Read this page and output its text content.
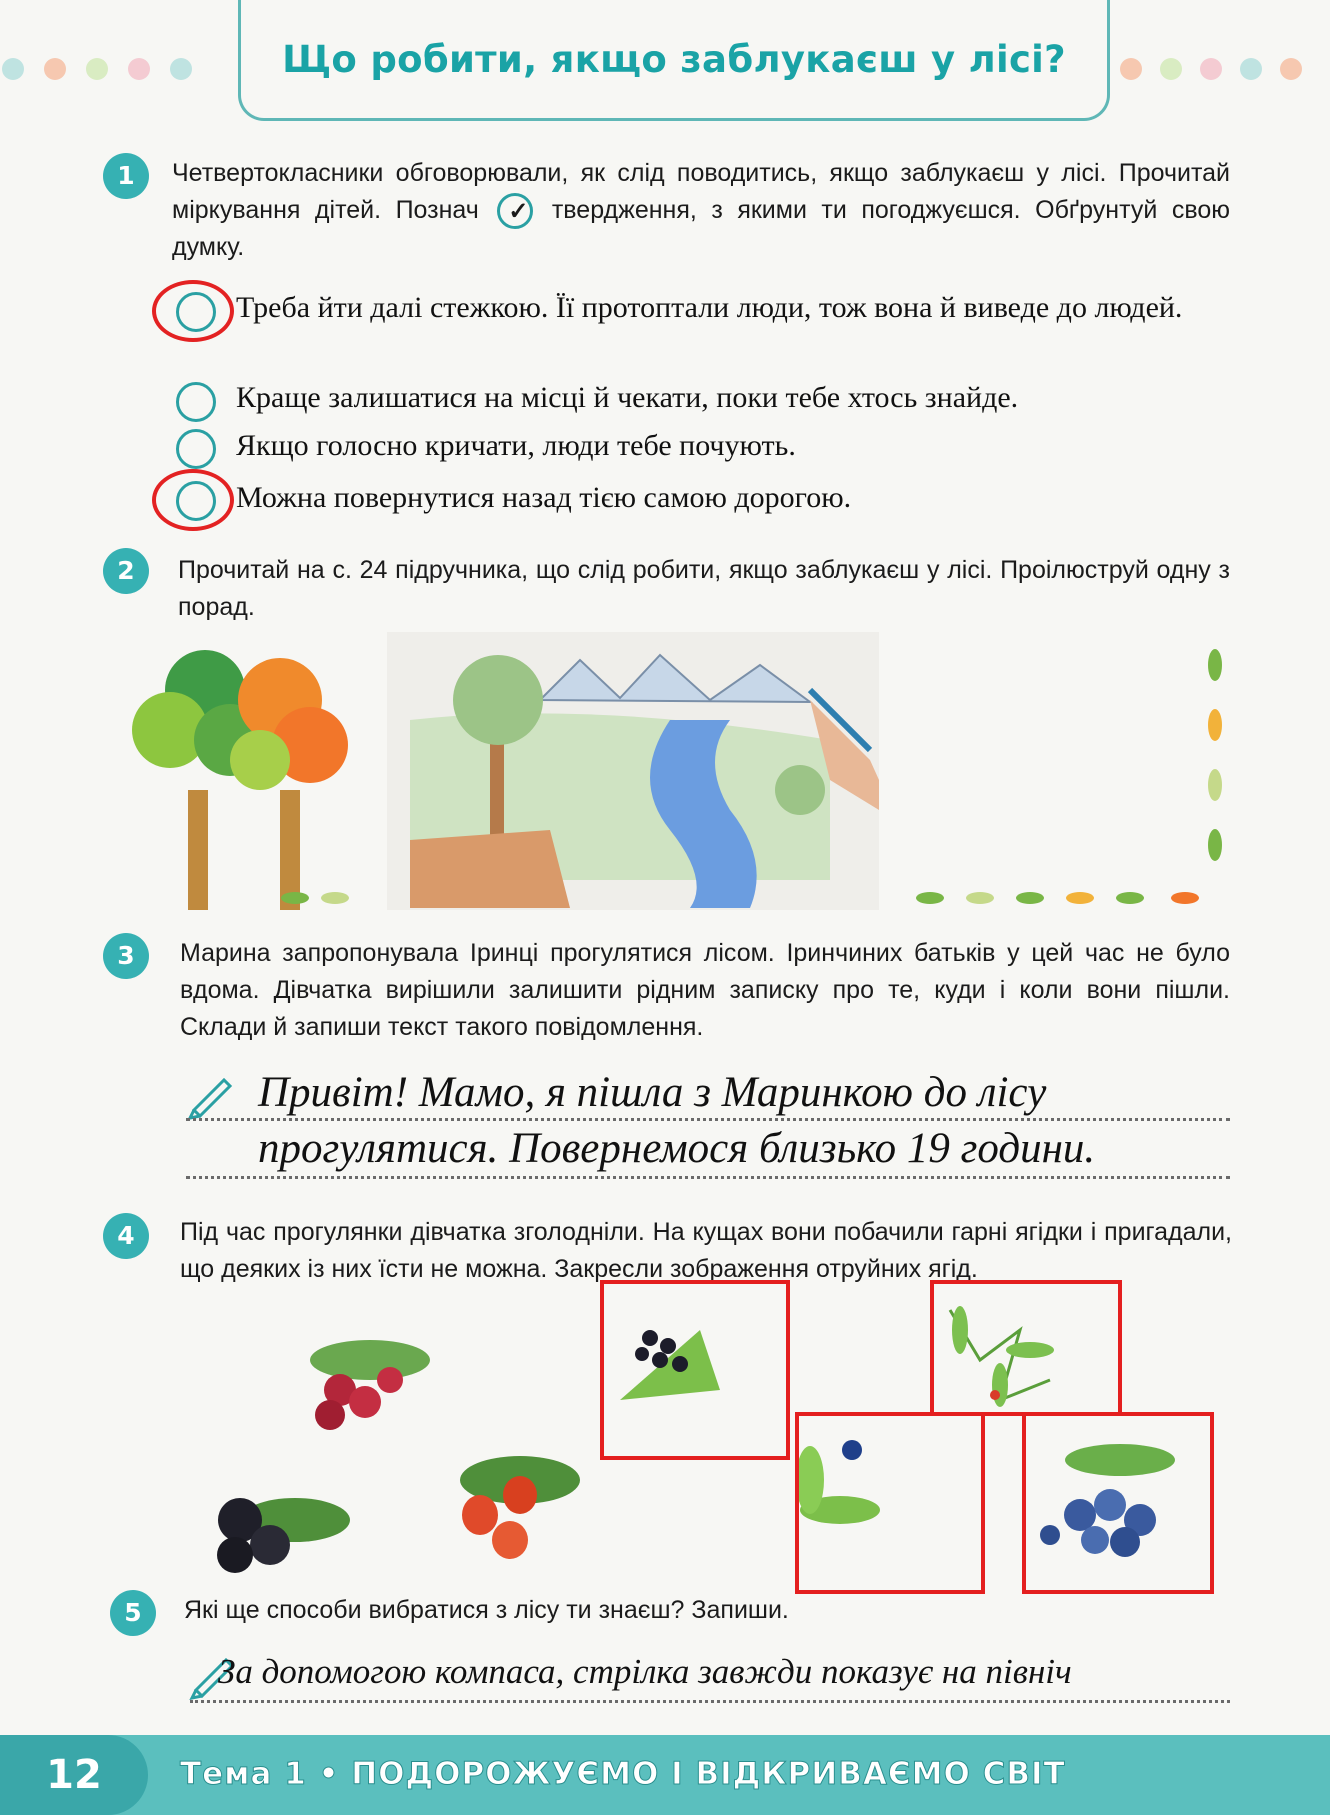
Що робити, якщо заблукаєш у лісі?
1	Четвертокласники обговорювали, як слід поводитись, якщо заблукаєш у лісі. Прочитай міркування дітей. Познач ✓ твердження, з якими ти погоджуєшся. Обґрунтуй свою думку.
Треба йти далі стежкою. Її протоптали люди, тож вона й виведе до людей.
Краще залишатися на місці й чекати, поки тебе хтось знайде.
Якщо голосно кричати, люди тебе почують.
Можна повернутися назад тією самою дорогою.
2	Прочитай на с. 24 підручника, що слід робити, якщо заблукаєш у лісі. Проілюструй одну з порад.
3	Марина запропонувала Іринці прогулятися лісом. Іринчиних батьків у цей час не було вдома. Дівчатка вирішили залишити рідним записку про те, куди і коли вони пішли. Склади й запиши текст такого повідомлення.
Привіт! Мамо, я пішла з Маринкою до лісу
прогулятися. Повернемося близько 19 години.
4	Під час прогулянки дівчатка зголодніли. На кущах вони побачили гарні ягідки і пригадали, що деяких із них їсти не можна. Закресли зображення отруйних ягід.
5	Які ще способи вибратися з лісу ти знаєш? Запиши.
За допомогою компаса, стрілка завжди показує на північ
12	Тема 1 • ПОДОРОЖУЄМО І ВІДКРИВАЄМО СВІТ
